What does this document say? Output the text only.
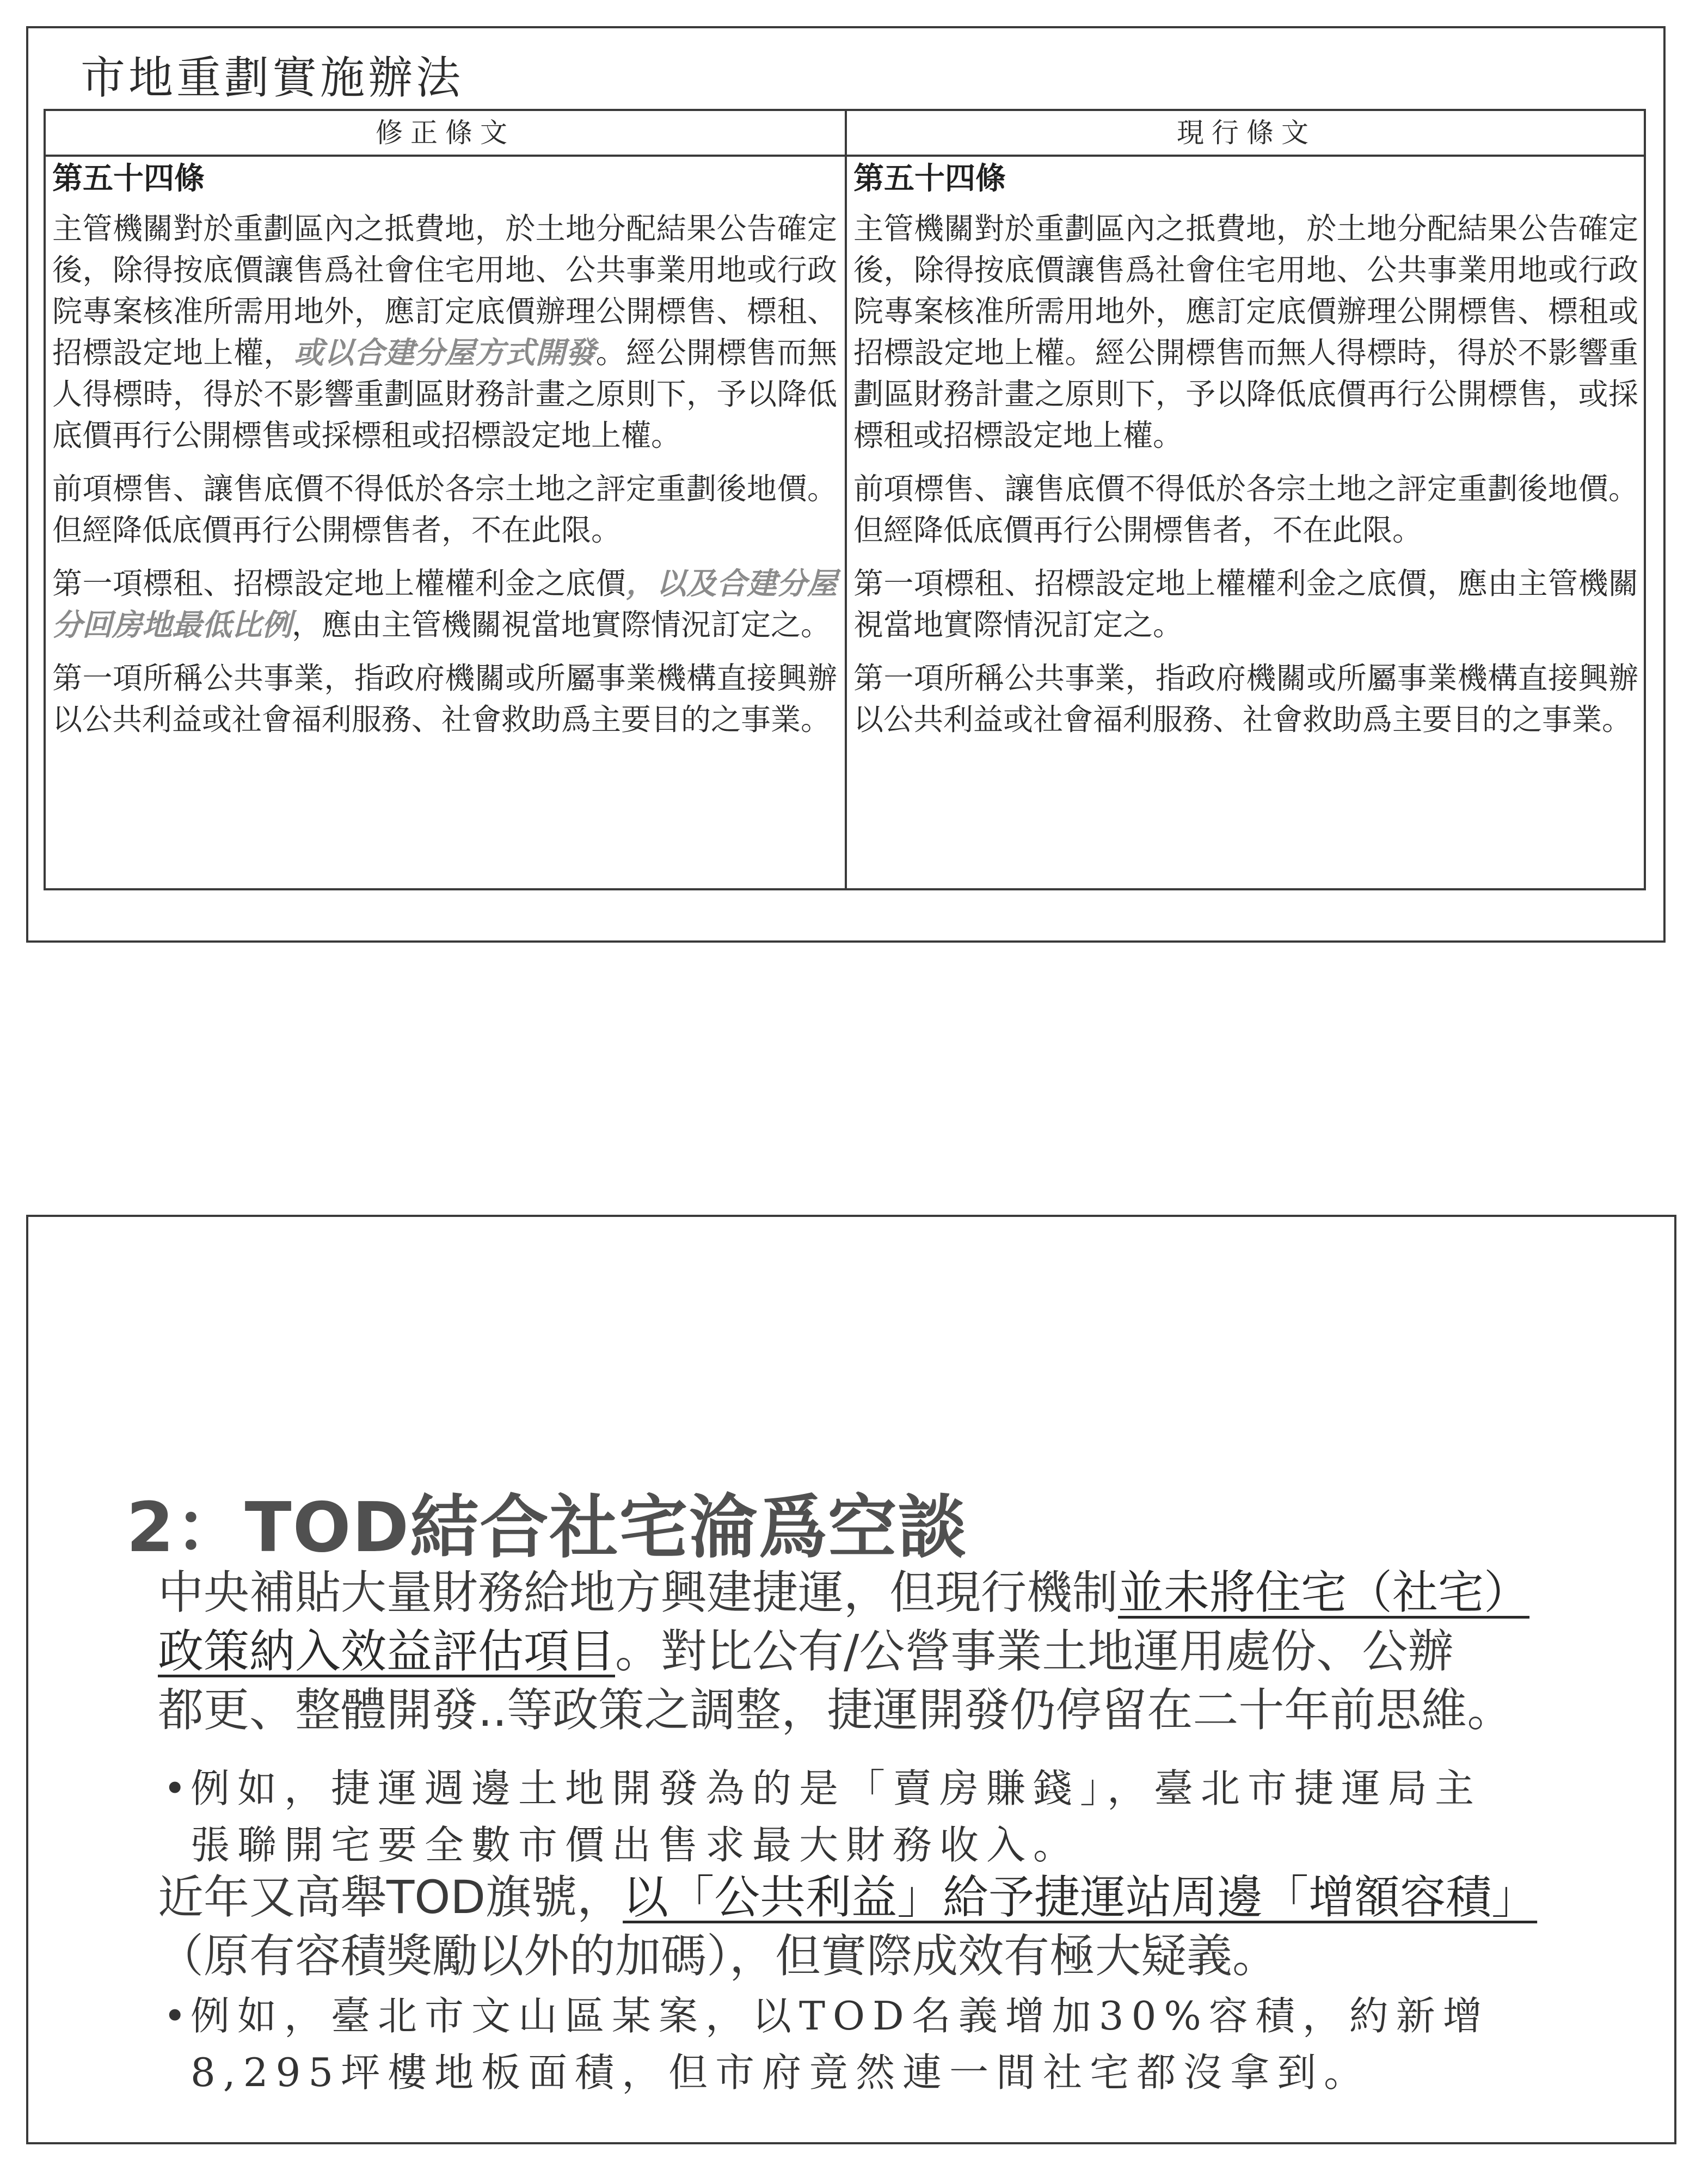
市地重劃實施辦法
修正條文	現行條文

第五十四條

主管機關對於重劃區內之抵費地，於土地分配結果公告確定後，除得按底價讓售爲社會住宅用地、公共事業用地或行政院專案核准所需用地外，應訂定底價辦理公開標售、標租、招標設定地上權，或以合建分屋方式開發。經公開標售而無人得標時，得於不影響重劃區財務計畫之原則下，予以降低底價再行公開標售或採標租或招標設定地上權。

前項標售、讓售底價不得低於各宗土地之評定重劃後地價。但經降低底價再行公開標售者，不在此限。

第一項標租、招標設定地上權權利金之底價，以及合建分屋分回房地最低比例，應由主管機關視當地實際情況訂定之。

第一項所稱公共事業，指政府機關或所屬事業機構直接興辦以公共利益或社會福利服務、社會救助爲主要目的之事業。

第五十四條

主管機關對於重劃區內之抵費地，於土地分配結果公告確定後，除得按底價讓售爲社會住宅用地、公共事業用地或行政院專案核准所需用地外，應訂定底價辦理公開標售、標租或招標設定地上權。經公開標售而無人得標時，得於不影響重劃區財務計畫之原則下，予以降低底價再行公開標售，或採標租或招標設定地上權。

前項標售、讓售底價不得低於各宗土地之評定重劃後地價。但經降低底價再行公開標售者，不在此限。

第一項標租、招標設定地上權權利金之底價，應由主管機關視當地實際情況訂定之。

第一項所稱公共事業，指政府機關或所屬事業機構直接興辦以公共利益或社會福利服務、社會救助爲主要目的之事業。

2：TOD結合社宅淪爲空談
中央補貼大量財務給地方興建捷運，但現行機制並未將住宅（社宅）
政策納入效益評估項目。對比公有/公營事業土地運用處份、公辦
都更、整體開發..等政策之調整，捷運開發仍停留在二十年前思維。
• 例如，捷運週邊土地開發為的是「賣房賺錢」，臺北市捷運局主
張聯開宅要全數市價出售求最大財務收入。
近年又高舉TOD旗號，以「公共利益」給予捷運站周邊「增額容積」
（原有容積獎勵以外的加碼），但實際成效有極大疑義。
• 例如，臺北市文山區某案，以TOD名義增加30%容積，約新增
8,295坪樓地板面積，但市府竟然連一間社宅都沒拿到。
